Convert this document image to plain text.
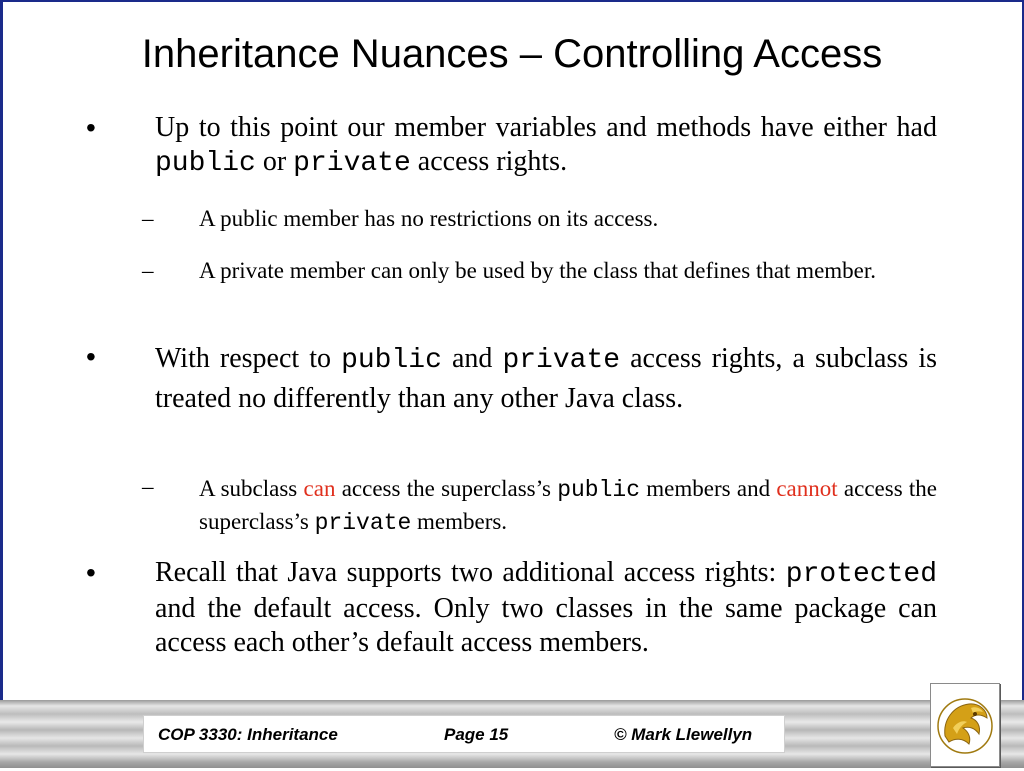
Inheritance Nuances – Controlling Access
• Up to this point our member variables and methods have either had public or private access rights.
– A public member has no restrictions on its access.
– A private member can only be used by the class that defines that member.
• With respect to public and private access rights, a subclass is treated no differently than any other Java class.
– A subclass can access the superclass’s public members and cannot access the superclass’s private members.
• Recall that Java supports two additional access rights: protected and the default access. Only two classes in the same package can access each other’s default access members.
COP 3330: Inheritance	Page 15	© Mark Llewellyn
